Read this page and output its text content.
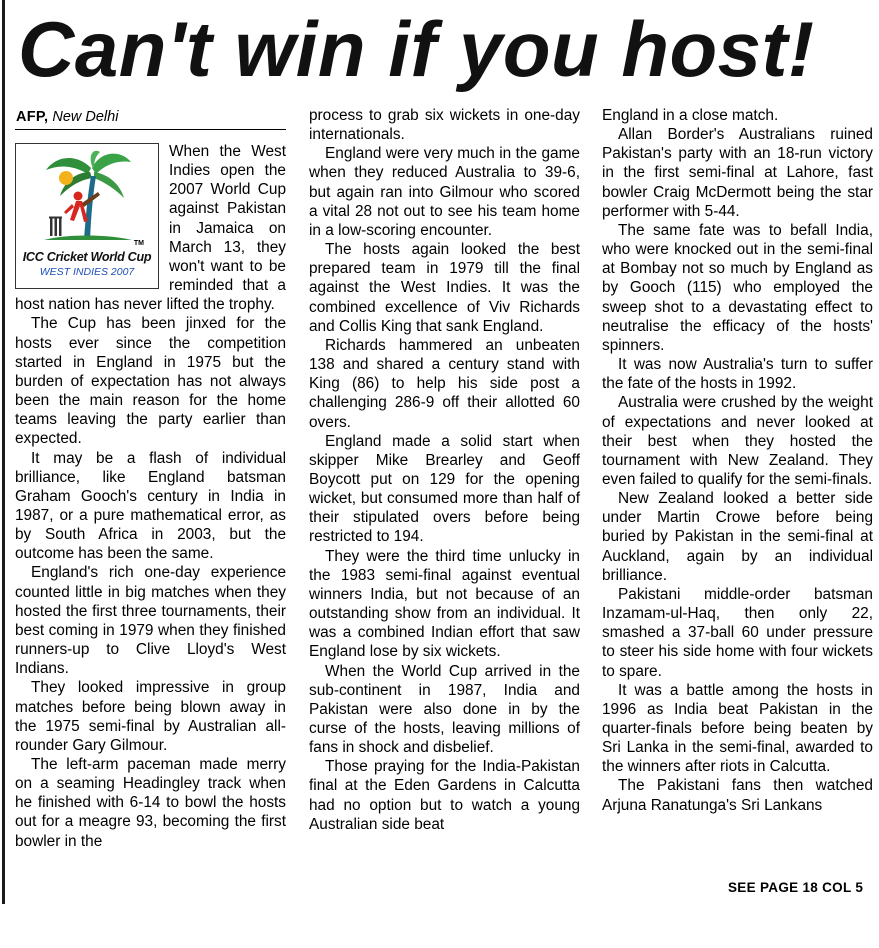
Can't win if you host!
AFP, New Delhi
TM
ICC Cricket World Cup
WEST INDIES 2007

When the West Indies open the 2007 World Cup against Pakistan in Jamaica on March 13, they won't want to be reminded that a host nation has never lifted the trophy.

The Cup has been jinxed for the hosts ever since the competition started in England in 1975 but the burden of expectation has not always been the main reason for the home teams leaving the party earlier than expected.

It may be a flash of individual brilliance, like England batsman Graham Gooch's century in India in 1987, or a pure mathematical error, as by South Africa in 2003, but the outcome has been the same.

England's rich one-day experience counted little in big matches when they hosted the first three tournaments, their best coming in 1979 when they finished runners-up to Clive Lloyd's West Indians.

They looked impressive in group matches before being blown away in the 1975 semi-final by Australian all-rounder Gary Gilmour.

The left-arm paceman made merry on a seaming Headingley track when he finished with 6-14 to bowl the hosts out for a meagre 93, becoming the first bowler in the

process to grab six wickets in one-day internationals.

England were very much in the game when they reduced Australia to 39-6, but again ran into Gilmour who scored a vital 28 not out to see his team home in a low-scoring encounter.

The hosts again looked the best prepared team in 1979 till the final against the West Indies. It was the combined excellence of Viv Richards and Collis King that sank England.

Richards hammered an unbeaten 138 and shared a century stand with King (86) to help his side post a challenging 286-9 off their allotted 60 overs.

England made a solid start when skipper Mike Brearley and Geoff Boycott put on 129 for the opening wicket, but consumed more than half of their stipulated overs before being restricted to 194.

They were the third time unlucky in the 1983 semi-final against eventual winners India, but not because of an outstanding show from an individual. It was a combined Indian effort that saw England lose by six wickets.

When the World Cup arrived in the sub-continent in 1987, India and Pakistan were also done in by the curse of the hosts, leaving millions of fans in shock and disbelief.

Those praying for the India-Pakistan final at the Eden Gardens in Calcutta had no option but to watch a young Australian side beat

England in a close match.

Allan Border's Australians ruined Pakistan's party with an 18-run victory in the first semi-final at Lahore, fast bowler Craig McDermott being the star performer with 5-44.

The same fate was to befall India, who were knocked out in the semi-final at Bombay not so much by England as by Gooch (115) who employed the sweep shot to a devastating effect to neutralise the efficacy of the hosts' spinners.

It was now Australia's turn to suffer the fate of the hosts in 1992.

Australia were crushed by the weight of expectations and never looked at their best when they hosted the tournament with New Zealand. They even failed to qualify for the semi-finals.

New Zealand looked a better side under Martin Crowe before being buried by Pakistan in the semi-final at Auckland, again by an individual brilliance.

Pakistani middle-order batsman Inzamam-ul-Haq, then only 22, smashed a 37-ball 60 under pressure to steer his side home with four wickets to spare.

It was a battle among the hosts in 1996 as India beat Pakistan in the quarter-finals before being beaten by Sri Lanka in the semi-final, awarded to the winners after riots in Calcutta.

The Pakistani fans then watched Arjuna Ranatunga's Sri Lankans

SEE PAGE 18 COL 5
